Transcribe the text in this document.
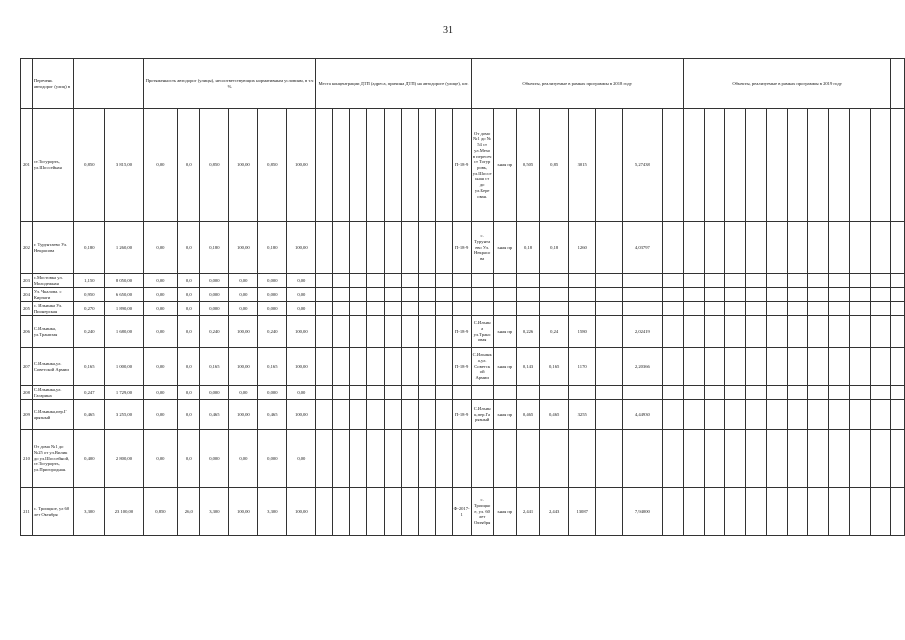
31
	Перечень автодорог (улиц) в			Протяженность автодорог (улицы), несоответствующих нормативным условиям, в т.ч %						Места концентрации ДТП (адреса, причина ДТП) на автодороге (улице), шт.									Объекты, реализуемые в рамках программы в 2018 году								Объекты, реализуемые в рамках программы в 2019 году										
201	ст.Тогурорть, ул.Шоссейная	0,850	3 815,00	0,00	0,0	0,850	100,00	0,850	100,00									П-18-9	От домо №1 до № 54 ст ул.Мехо в пересеч ст Тогур ровь, ул.Шоссе ьная ст до ул.Бере овая.	ьная пр	0,505	0,85	3015		5,27438												
202	г. Турунтаево Ул. Некрасова	0,180	1 260,00	0,00	0,0	0,180	100,00	0,180	100,00									П-18-9	с. Турунта ево Ул. Некрасо ва	ьная пр	0,18	0,18	1260		4,03797												
203	с.Мостовка ул. Молодежная	1,150	8 050,00	0,00	0,0	0,000	0,00	0,000	0,00																												
204	Ул. Чкалова. с Кирчаги	0,950	6 650,00	0,00	0,0	0,000	0,00	0,000	0,00																												
205	с. Ильинка Ул. Пионерская	0,270	1 890,00	0,00	0,0	0,000	0,00	0,000	0,00																												
206	С.Ильинка, ул.Транпзая	0,240	1 680,00	0,00	0,0	0,240	100,00	0,240	100,00									П-18-9	С.Ильин а ул.Транс овая	ьная пр	0,226	0,24	1580		2,02419												
207	С.Ильинка,ул. Советской Армии	0,165	1 000,00	0,00	0,0	0,165	100,00	0,165	100,00									П-18-9	С.Ильинк а,ул. Советск ой Армии	ьная пр	0,143	0,165	1170		2,20366												
208	С.Ильинка,ул. Гагарина	0,247	1 729,00	0,00	0,0	0,000	0,00	0,000	0,00																												
209	С.Ильинка,пер.Г арязный	0,465	3 255,00	0,00	0,0	0,465	100,00	0,465	100,00									П-18-9	С.Ильин к,пер.Га рязный	ьная пр	0,465	0,465	3255		4,44930												
210	От дома №1 до №25 от ул.Вилик до ул.Шоссейной, ст.Тогурорть, ул.Пригородная.	0,400	2 800,00	0,00	0,0	0,000	0,00	0,000	0,00																												
211	с. Троицкое, ул 60 лет Октября	3,300	23 100,00	0,850	26,0	3,300	100,00	3,300	100,00									Ф-2017-1	с. Троицко е, ул. 60 лет Октября	ьная пр	2,441	2,443	13087		7,94000												
